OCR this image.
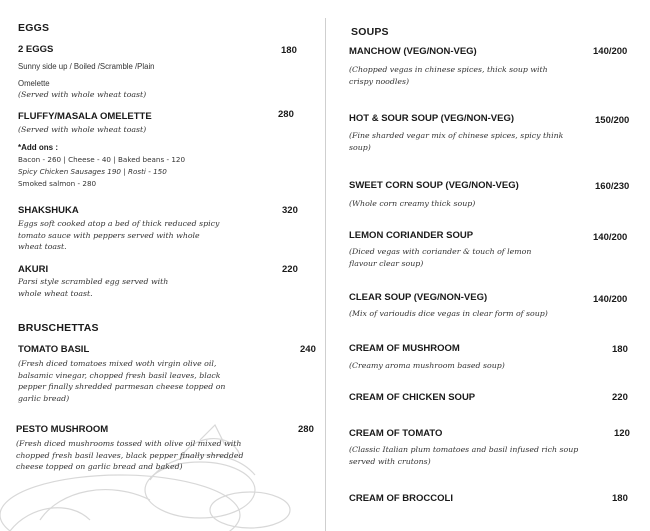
EGGS
2 EGGS	180
Sunny side up / Boiled /Scramble /Plain
Omelette
(Served with whole wheat toast)
FLUFFY/MASALA OMELETTE	280
(Served with whole wheat toast)
*Add ons :
Bacon - 260 | Cheese - 40 | Baked beans - 120
Spicy Chicken Sausages 190 | Rosti - 150
Smoked salmon - 280
SHAKSHUKA	320
Eggs soft cooked atop a bed of thick reduced spicy tomato sauce with peppers served with whole wheat toast.
AKURI	220
Parsi style scrambled egg served with whole wheat toast.
BRUSCHETTAS
TOMATO BASIL	240
(Fresh diced tomatoes mixed woth virgin olive oil, balsamic vinegar, chopped fresh basil leaves, black pepper finally shredded parmesan cheese topped on garlic bread)
PESTO MUSHROOM	280
(Fresh diced mushrooms tossed with olive oil mixed with chopped fresh basil leaves, black pepper finally shredded cheese topped on garlic bread and baked)
SOUPS
MANCHOW (VEG/NON-VEG)	140/200
(Chopped vegas in chinese spices, thick soup with crispy noodles)
HOT & SOUR SOUP (VEG/NON-VEG)	150/200
(Fine sharded vegar mix of chinese spices, spicy think soup)
SWEET CORN SOUP (VEG/NON-VEG)	160/230
(Whole corn creamy thick soup)
LEMON CORIANDER SOUP	140/200
(Diced vegas with coriander & touch of lemon flavour clear soup)
CLEAR SOUP (VEG/NON-VEG)	140/200
(Mix of varioudis dice vegas in clear form of soup)
CREAM OF MUSHROOM	180
(Creamy aroma mushroom based soup)
CREAM OF CHICKEN SOUP	220
CREAM OF TOMATO	120
(Classic Italian plum tomatoes and basil infused rich soup served with crutons)
CREAM OF BROCCOLI	180
